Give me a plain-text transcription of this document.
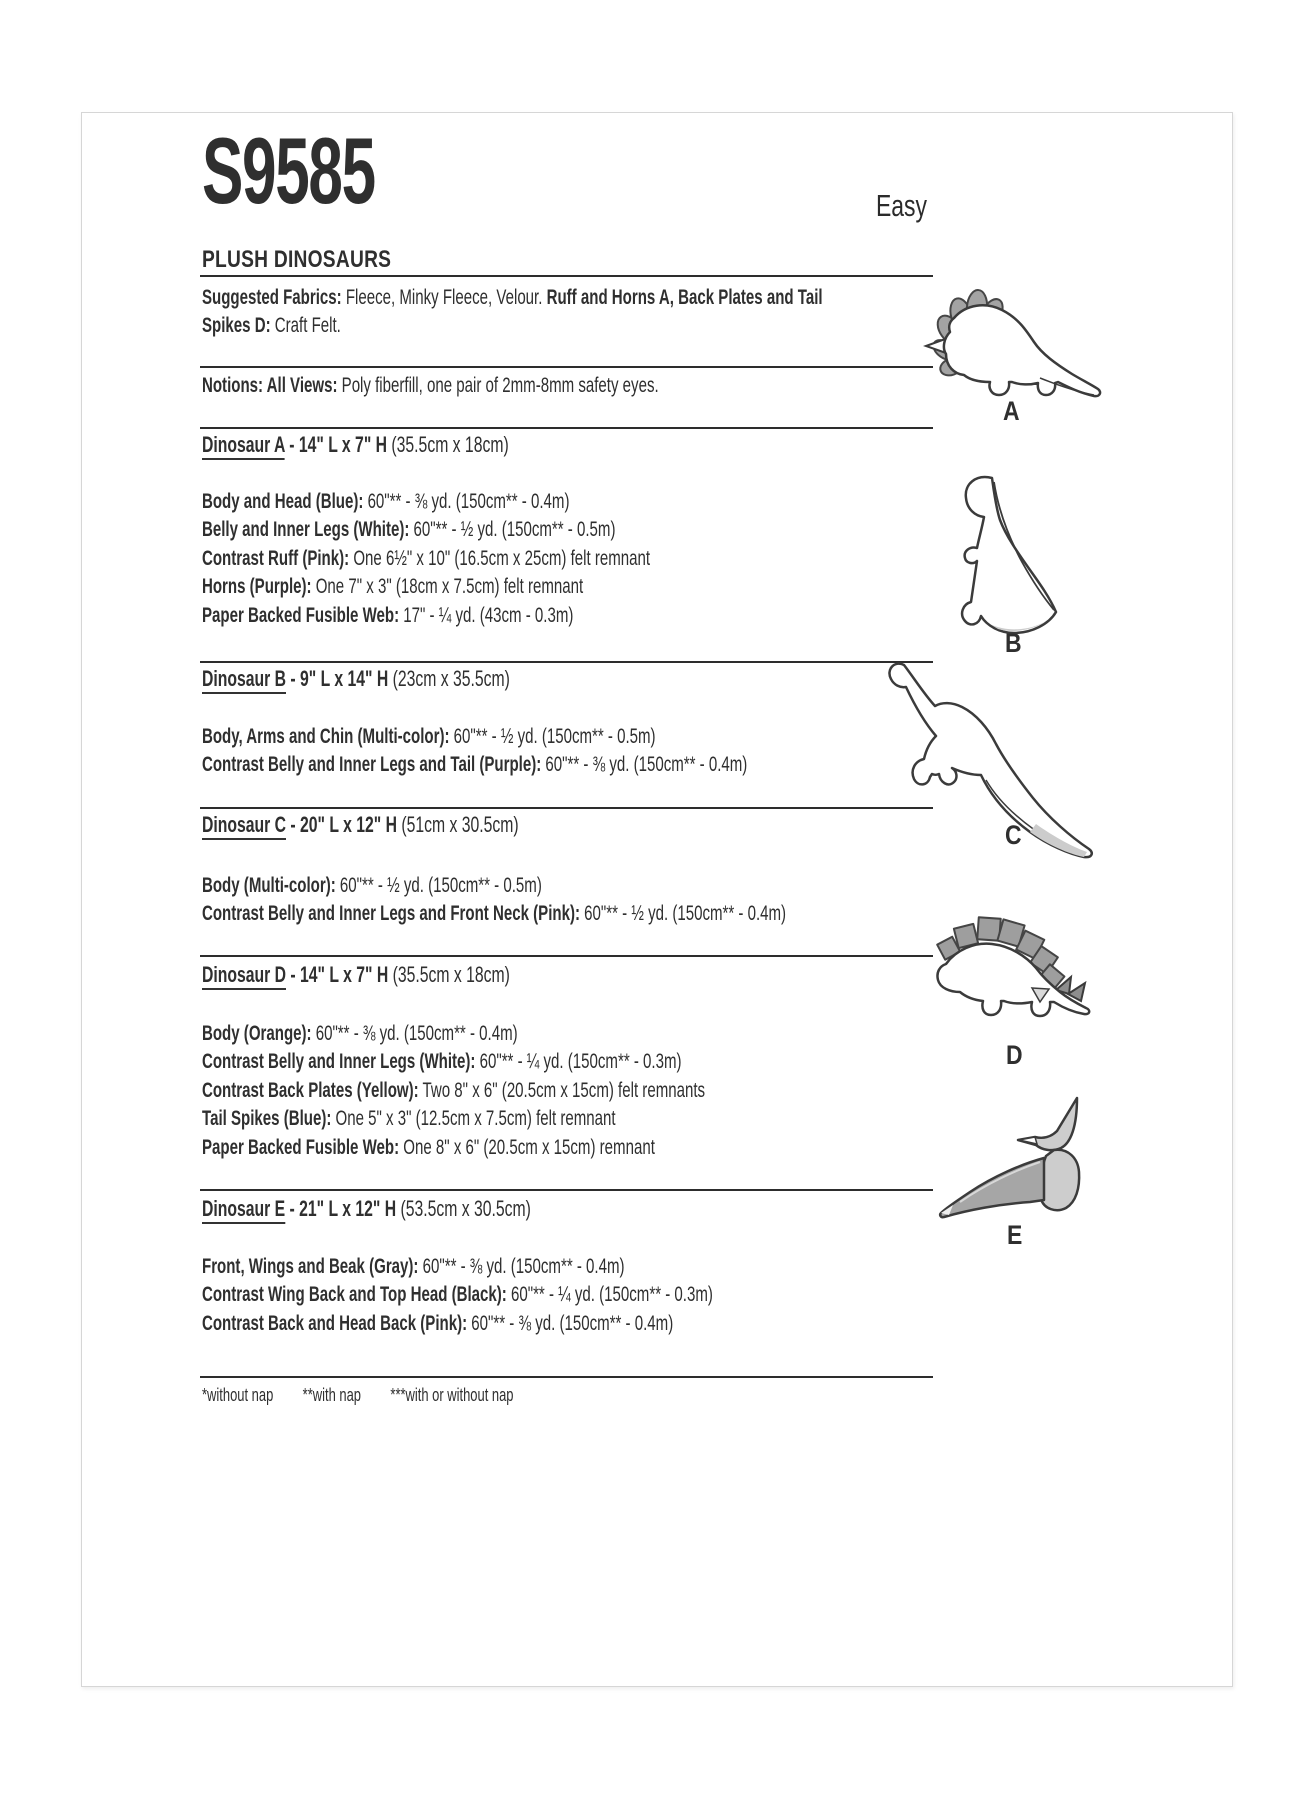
S9585	Easy
PLUSH DINOSAURS
Suggested Fabrics: Fleece, Minky Fleece, Velour. Ruff and Horns A, Back Plates and Tail
Spikes D: Craft Felt.
Notions: All Views: Poly fiberfill, one pair of 2mm-8mm safety eyes.
Dinosaur A - 14" L x 7" H (35.5cm x 18cm)
Body and Head (Blue): 60"** - ⅜ yd. (150cm** - 0.4m)
Belly and Inner Legs (White): 60"** - ½ yd. (150cm** - 0.5m)
Contrast Ruff (Pink): One 6½" x 10" (16.5cm x 25cm) felt remnant
Horns (Purple): One 7" x 3" (18cm x 7.5cm) felt remnant
Paper Backed Fusible Web: 17" - ¼ yd. (43cm - 0.3m)
Dinosaur B - 9" L x 14" H (23cm x 35.5cm)
Body, Arms and Chin (Multi-color): 60"** - ½ yd. (150cm** - 0.5m)
Contrast Belly and Inner Legs and Tail (Purple): 60"** - ⅜ yd. (150cm** - 0.4m)
Dinosaur C - 20" L x 12" H (51cm x 30.5cm)
Body (Multi-color): 60"** - ½ yd. (150cm** - 0.5m)
Contrast Belly and Inner Legs and Front Neck (Pink): 60"** - ½ yd. (150cm** - 0.4m)
Dinosaur D - 14" L x 7" H (35.5cm x 18cm)
Body (Orange): 60"** - ⅜ yd. (150cm** - 0.4m)
Contrast Belly and Inner Legs (White): 60"** - ¼ yd. (150cm** - 0.3m)
Contrast Back Plates (Yellow): Two 8" x 6" (20.5cm x 15cm) felt remnants
Tail Spikes (Blue): One 5" x 3" (12.5cm x 7.5cm) felt remnant
Paper Backed Fusible Web: One 8" x 6" (20.5cm x 15cm) remnant
Dinosaur E - 21" L x 12" H (53.5cm x 30.5cm)
Front, Wings and Beak (Gray): 60"** - ⅜ yd. (150cm** - 0.4m)
Contrast Wing Back and Top Head (Black): 60"** - ¼ yd. (150cm** - 0.3m)
Contrast Back and Head Back (Pink): 60"** - ⅜ yd. (150cm** - 0.4m)
*without nap **with nap ***with or without nap
A
B
C
D
E
